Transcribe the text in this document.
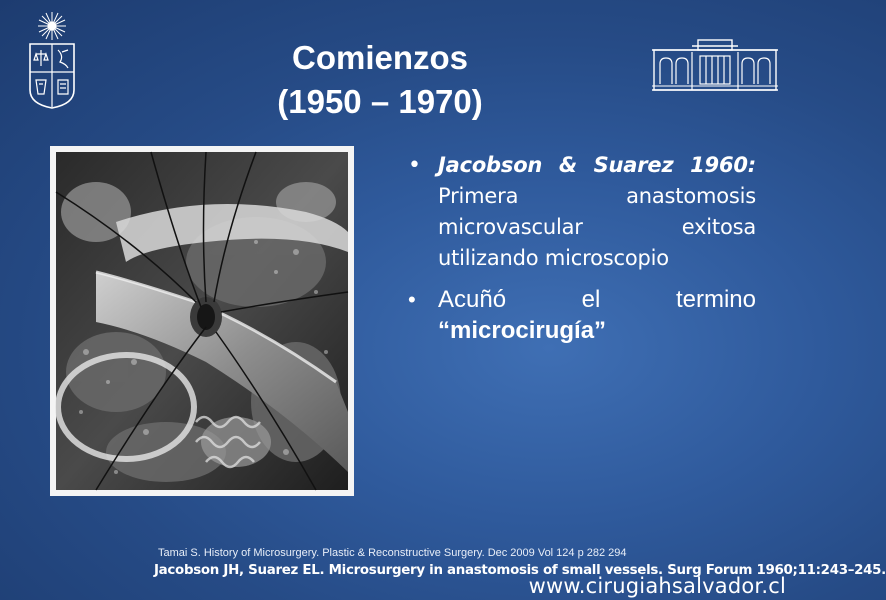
Comienzos
(1950 – 1970)
• Jacobson & Suarez 1960:
Primera anastomosis
microvascular exitosa
utilizando microscopio
• Acuñó el termino
“microcirugía”
Tamai S. History of Microsurgery. Plastic & Reconstructive Surgery. Dec 2009 Vol 124 p 282 294
Jacobson JH, Suarez EL. Microsurgery in anastomosis of small vessels. Surg Forum 1960;11:243–245.
www.cirugiahsalvador.cl
